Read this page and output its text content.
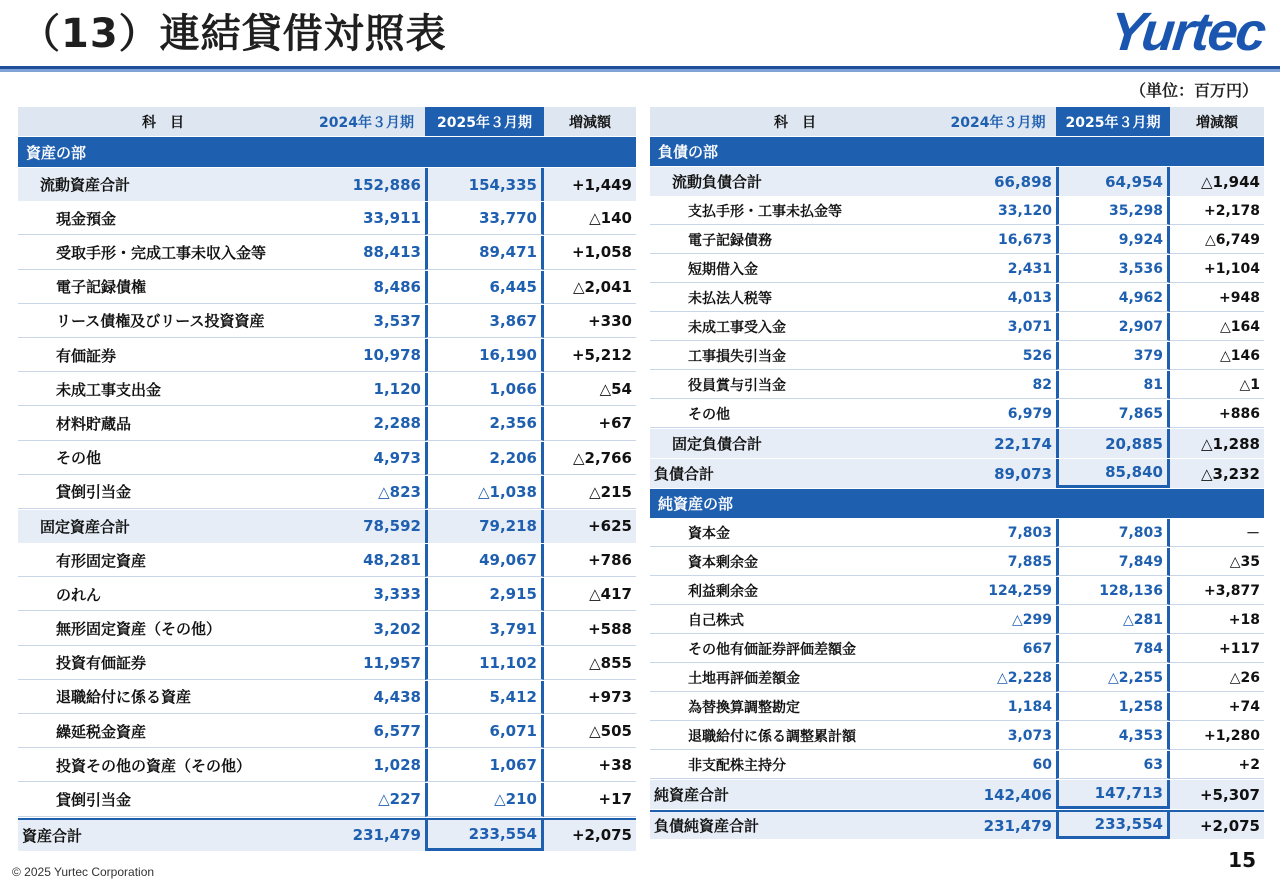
（13）連結貸借対照表	Yurtec
（単位：百万円）
科　目	2024年３月期	2025年３月期	増減額
資産の部
流動資産合計	152,886	154,335	+1,449
現金預金	33,911	33,770	△140
受取手形・完成工事未収入金等	88,413	89,471	+1,058
電子記録債権	8,486	6,445	△2,041
リース債権及びリース投資資産	3,537	3,867	+330
有価証券	10,978	16,190	+5,212
未成工事支出金	1,120	1,066	△54
材料貯蔵品	2,288	2,356	+67
その他	4,973	2,206	△2,766
貸倒引当金	△823	△1,038	△215
固定資産合計	78,592	79,218	+625
有形固定資産	48,281	49,067	+786
のれん	3,333	2,915	△417
無形固定資産（その他）	3,202	3,791	+588
投資有価証券	11,957	11,102	△855
退職給付に係る資産	4,438	5,412	+973
繰延税金資産	6,577	6,071	△505
投資その他の資産（その他）	1,028	1,067	+38
貸倒引当金	△227	△210	+17
資産合計	231,479	233,554	+2,075
科　目	2024年３月期	2025年３月期	増減額
負債の部
流動負債合計	66,898	64,954	△1,944
支払手形・工事未払金等	33,120	35,298	+2,178
電子記録債務	16,673	9,924	△6,749
短期借入金	2,431	3,536	+1,104
未払法人税等	4,013	4,962	+948
未成工事受入金	3,071	2,907	△164
工事損失引当金	526	379	△146
役員賞与引当金	82	81	△1
その他	6,979	7,865	+886
固定負債合計	22,174	20,885	△1,288
負債合計	89,073	85,840	△3,232
純資産の部
資本金	7,803	7,803	－
資本剰余金	7,885	7,849	△35
利益剰余金	124,259	128,136	+3,877
自己株式	△299	△281	+18
その他有価証券評価差額金	667	784	+117
土地再評価差額金	△2,228	△2,255	△26
為替換算調整勘定	1,184	1,258	+74
退職給付に係る調整累計額	3,073	4,353	+1,280
非支配株主持分	60	63	+2
純資産合計	142,406	147,713	+5,307
負債純資産合計	231,479	233,554	+2,075
© 2025 Yurtec Corporation	15
